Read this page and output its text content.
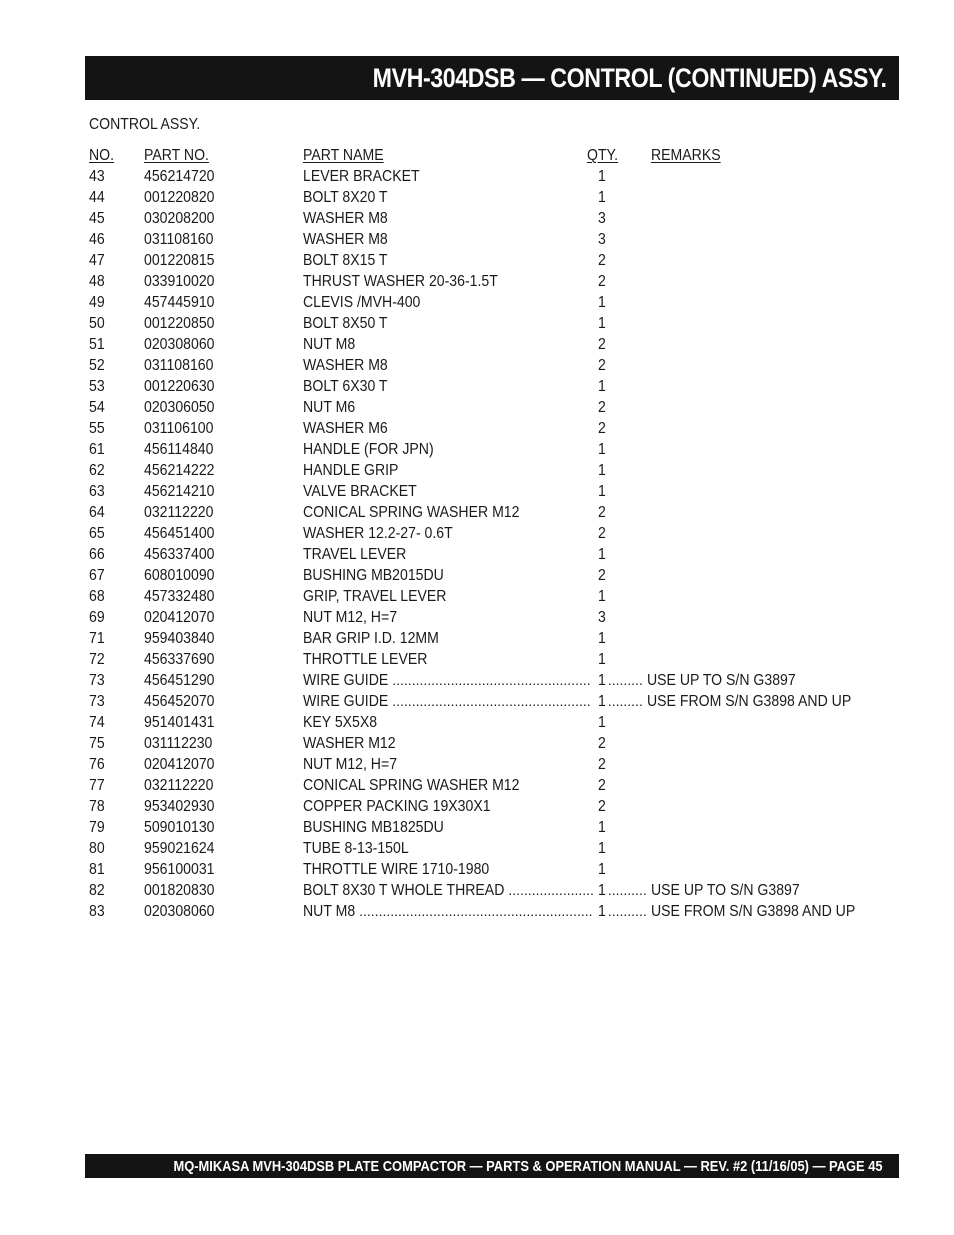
MVH-304DSB — CONTROL (CONTINUED) ASSY.
CONTROL ASSY.
NO. PART NO.	PART NAME	QTY. REMARKS
43 456214720	LEVER BRACKET	1
44 001220820	BOLT 8X20 T	1
45 030208200	WASHER M8	3
46 031108160	WASHER M8	3
47 001220815	BOLT 8X15 T	2
48 033910020	THRUST WASHER 20-36-1.5T	2
49 457445910	CLEVIS /MVH-400	1
50 001220850	BOLT 8X50 T	1
51 020308060	NUT M8	2
52 031108160	WASHER M8	2
53 001220630	BOLT 6X30 T	1
54 020306050	NUT M6	2
55 031106100	WASHER M6	2
61 456114840	HANDLE (FOR JPN)	1
62 456214222	HANDLE GRIP	1
63 456214210	VALVE BRACKET	1
64 032112220	CONICAL SPRING WASHER M12	2
65 456451400	WASHER 12.2-27- 0.6T	2
66 456337400	TRAVEL LEVER	1
67 608010090	BUSHING MB2015DU	2
68 457332480	GRIP, TRAVEL LEVER	1
69 020412070	NUT M12, H=7	3
71 959403840	BAR GRIP I.D. 12MM	1
72 456337690	THROTTLE LEVER	1
73 456451290	WIRE GUIDE	1	USE UP TO S/N G3897
................................................... .........
73 456452070	WIRE GUIDE	1	USE FROM S/N G3898 AND UP
................................................... .........
74 951401431	KEY 5X5X8	1
75 031112230	WASHER M12	2
76 020412070	NUT M12, H=7	2
77 032112220	CONICAL SPRING WASHER M12	2
78 953402930	COPPER PACKING 19X30X1	2
79 509010130	BUSHING MB1825DU	1
80 959021624	TUBE 8-13-150L	1
81 956100031	THROTTLE WIRE 1710-1980	1
82 001820830	BOLT 8X30 T WHOLE THREAD	1	USE UP TO S/N G3897
...................... ..........
83 020308060	NUT M8	1	USE FROM S/N G3898 AND UP
............................................................ ..........
MQ-MIKASA MVH-304DSB PLATE COMPACTOR — PARTS & OPERATION MANUAL — REV. #2 (11/16/05) — PAGE 45
